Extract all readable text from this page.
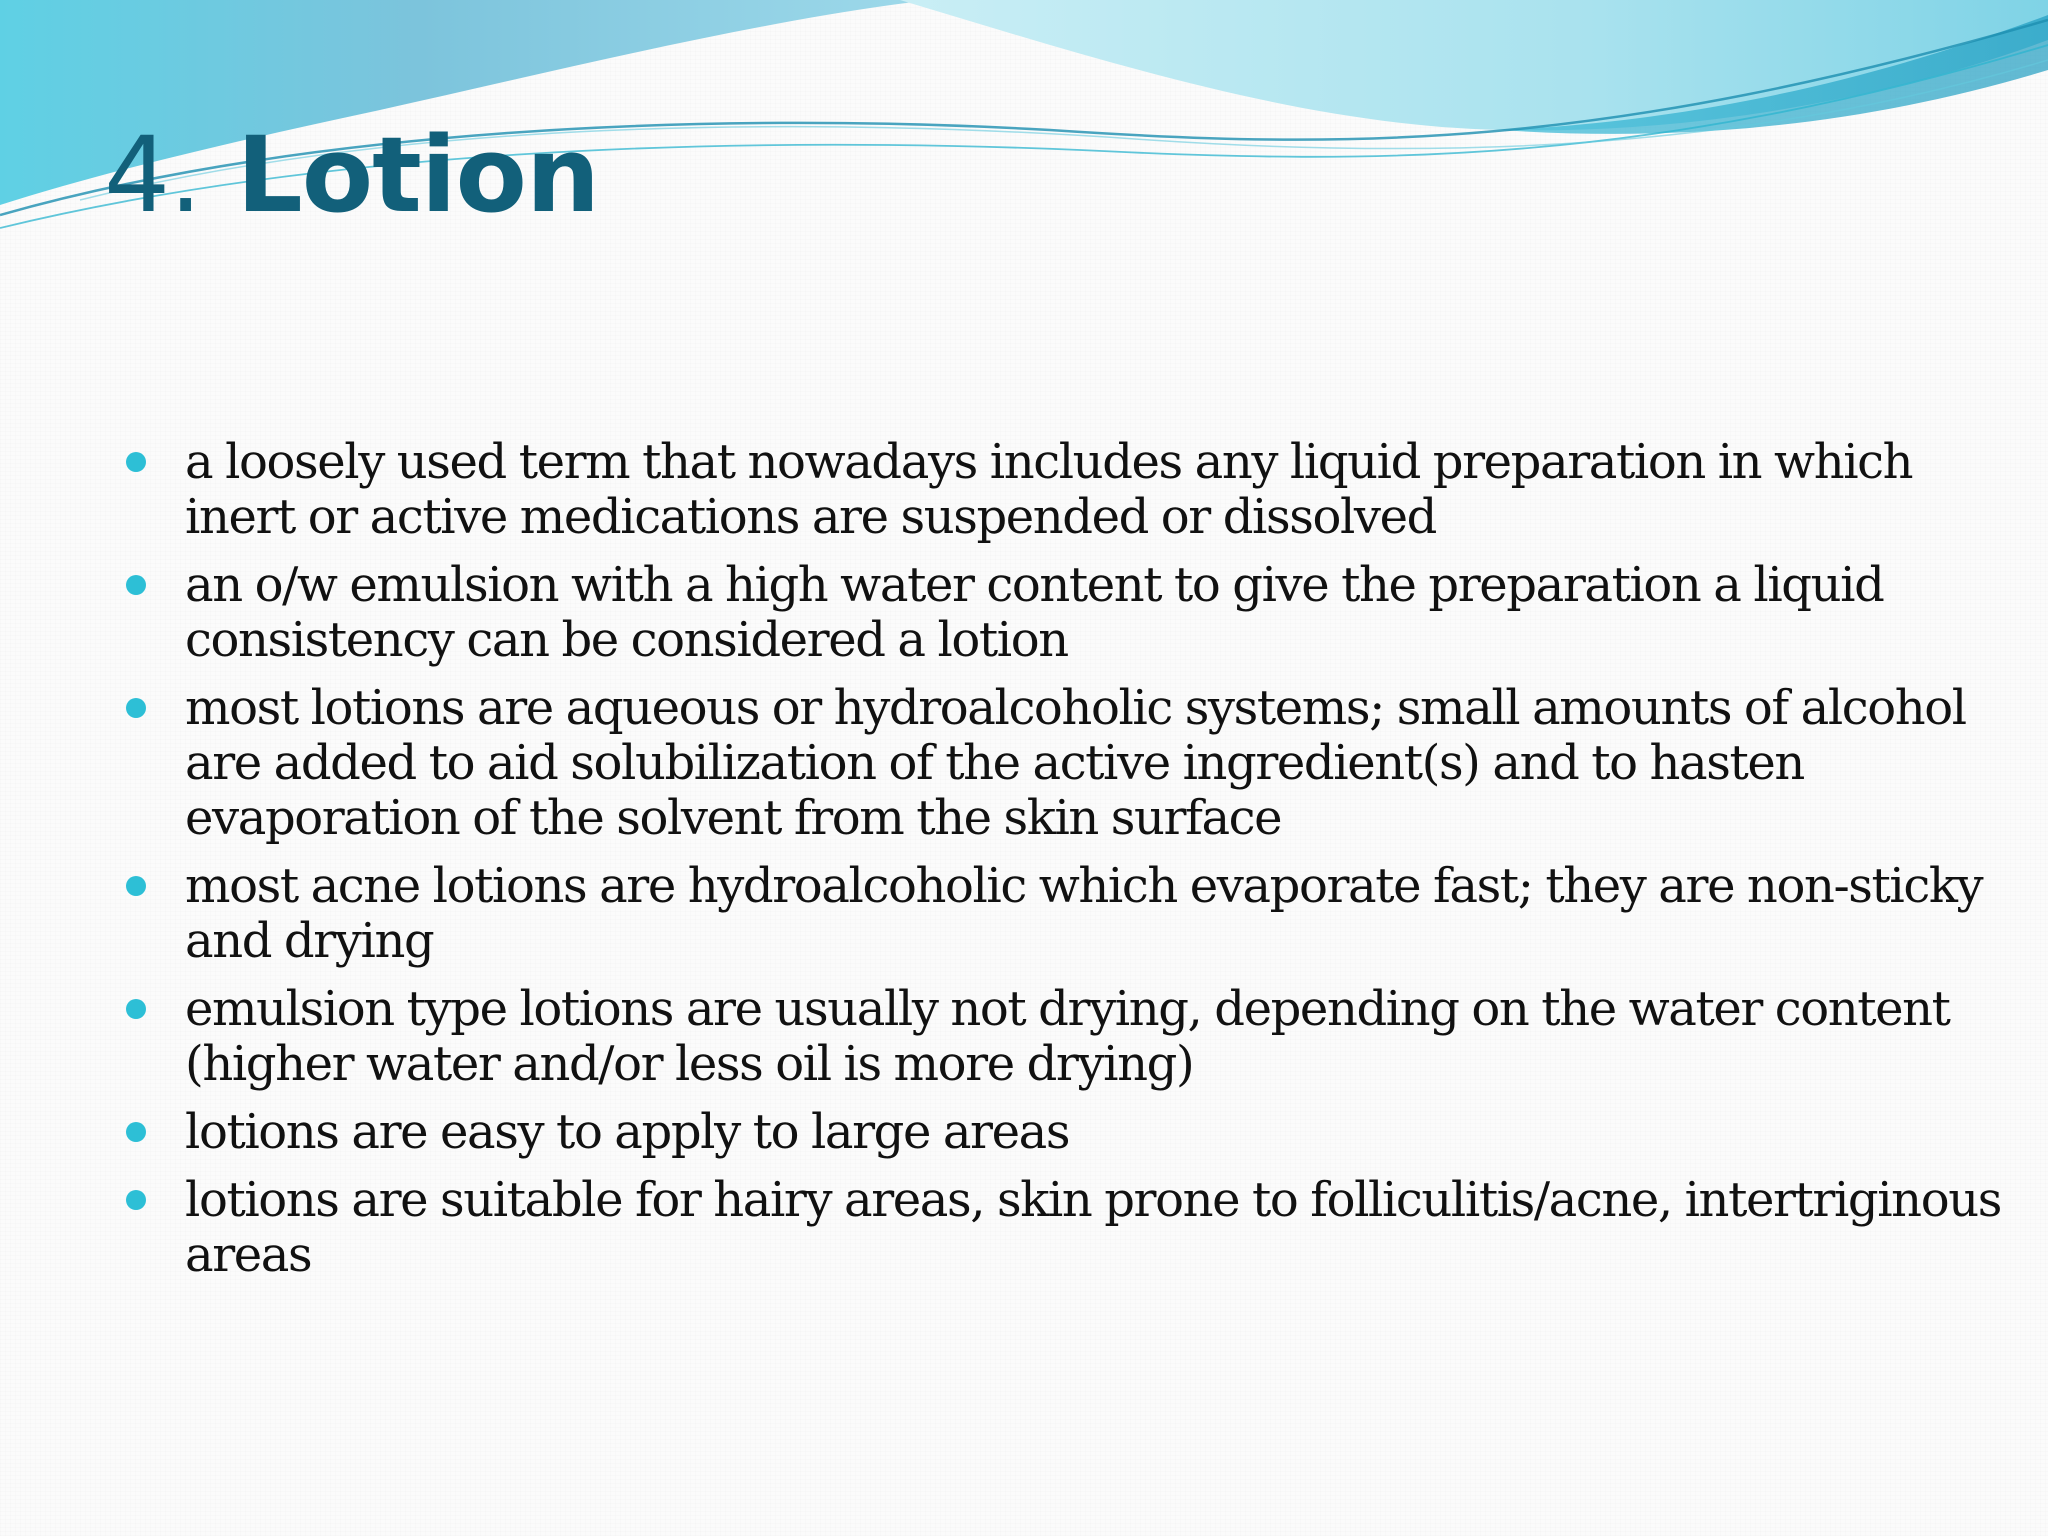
4. Lotion
a loosely used term that nowadays includes any liquid preparation in which inert or active medications are suspended or dissolved
an o/w emulsion with a high water content to give the preparation a liquid consistency can be considered a lotion
most lotions are aqueous or hydroalcoholic systems; small amounts of alcohol are added to aid solubilization of the active ingredient(s) and to hasten evaporation of the solvent from the skin surface
most acne lotions are hydroalcoholic which evaporate fast; they are non-sticky and drying
emulsion type lotions are usually not drying, depending on the water content (higher water and/or less oil is more drying)
lotions are easy to apply to large areas
lotions are suitable for hairy areas, skin prone to folliculitis/acne, intertriginous areas
